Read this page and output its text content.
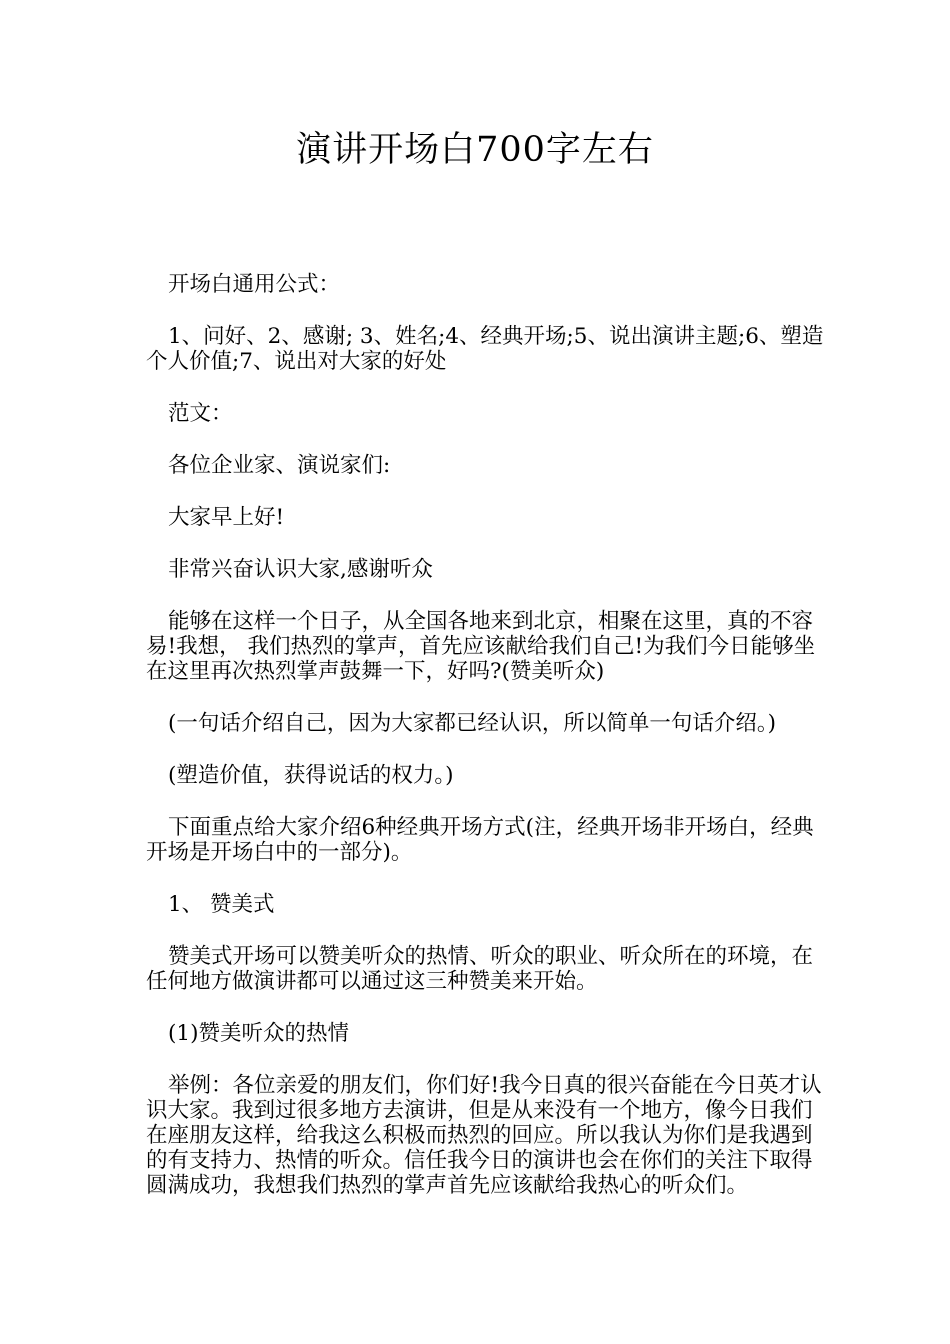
演讲开场白700字左右

开场白通用公式：

1、问好、2、感谢; 3、姓名;4、经典开场;5、说出演讲主题;6、塑造个人价值;7、说出对大家的好处

范文：

各位企业家、演说家们:

大家早上好!

非常兴奋认识大家,感谢听众

能够在这样一个日子，从全国各地来到北京，相聚在这里，真的不容易!我想， 我们热烈的掌声，首先应该献给我们自己!为我们今日能够坐在这里再次热烈掌声鼓舞一下，好吗?(赞美听众)

(一句话介绍自己，因为大家都已经认识，所以简单一句话介绍。)

(塑造价值，获得说话的权力。)

下面重点给大家介绍6种经典开场方式(注，经典开场非开场白，经典开场是开场白中的一部分)。

1、 赞美式

赞美式开场可以赞美听众的热情、听众的职业、听众所在的环境，在任何地方做演讲都可以通过这三种赞美来开始。

(1)赞美听众的热情

举例：各位亲爱的朋友们，你们好!我今日真的很兴奋能在今日英才认识大家。我到过很多地方去演讲，但是从来没有一个地方，像今日我们在座朋友这样，给我这么积极而热烈的回应。所以我认为你们是我遇到的有支持力、热情的听众。信任我今日的演讲也会在你们的关注下取得圆满成功，我想我们热烈的掌声首先应该献给我热心的听众们。
